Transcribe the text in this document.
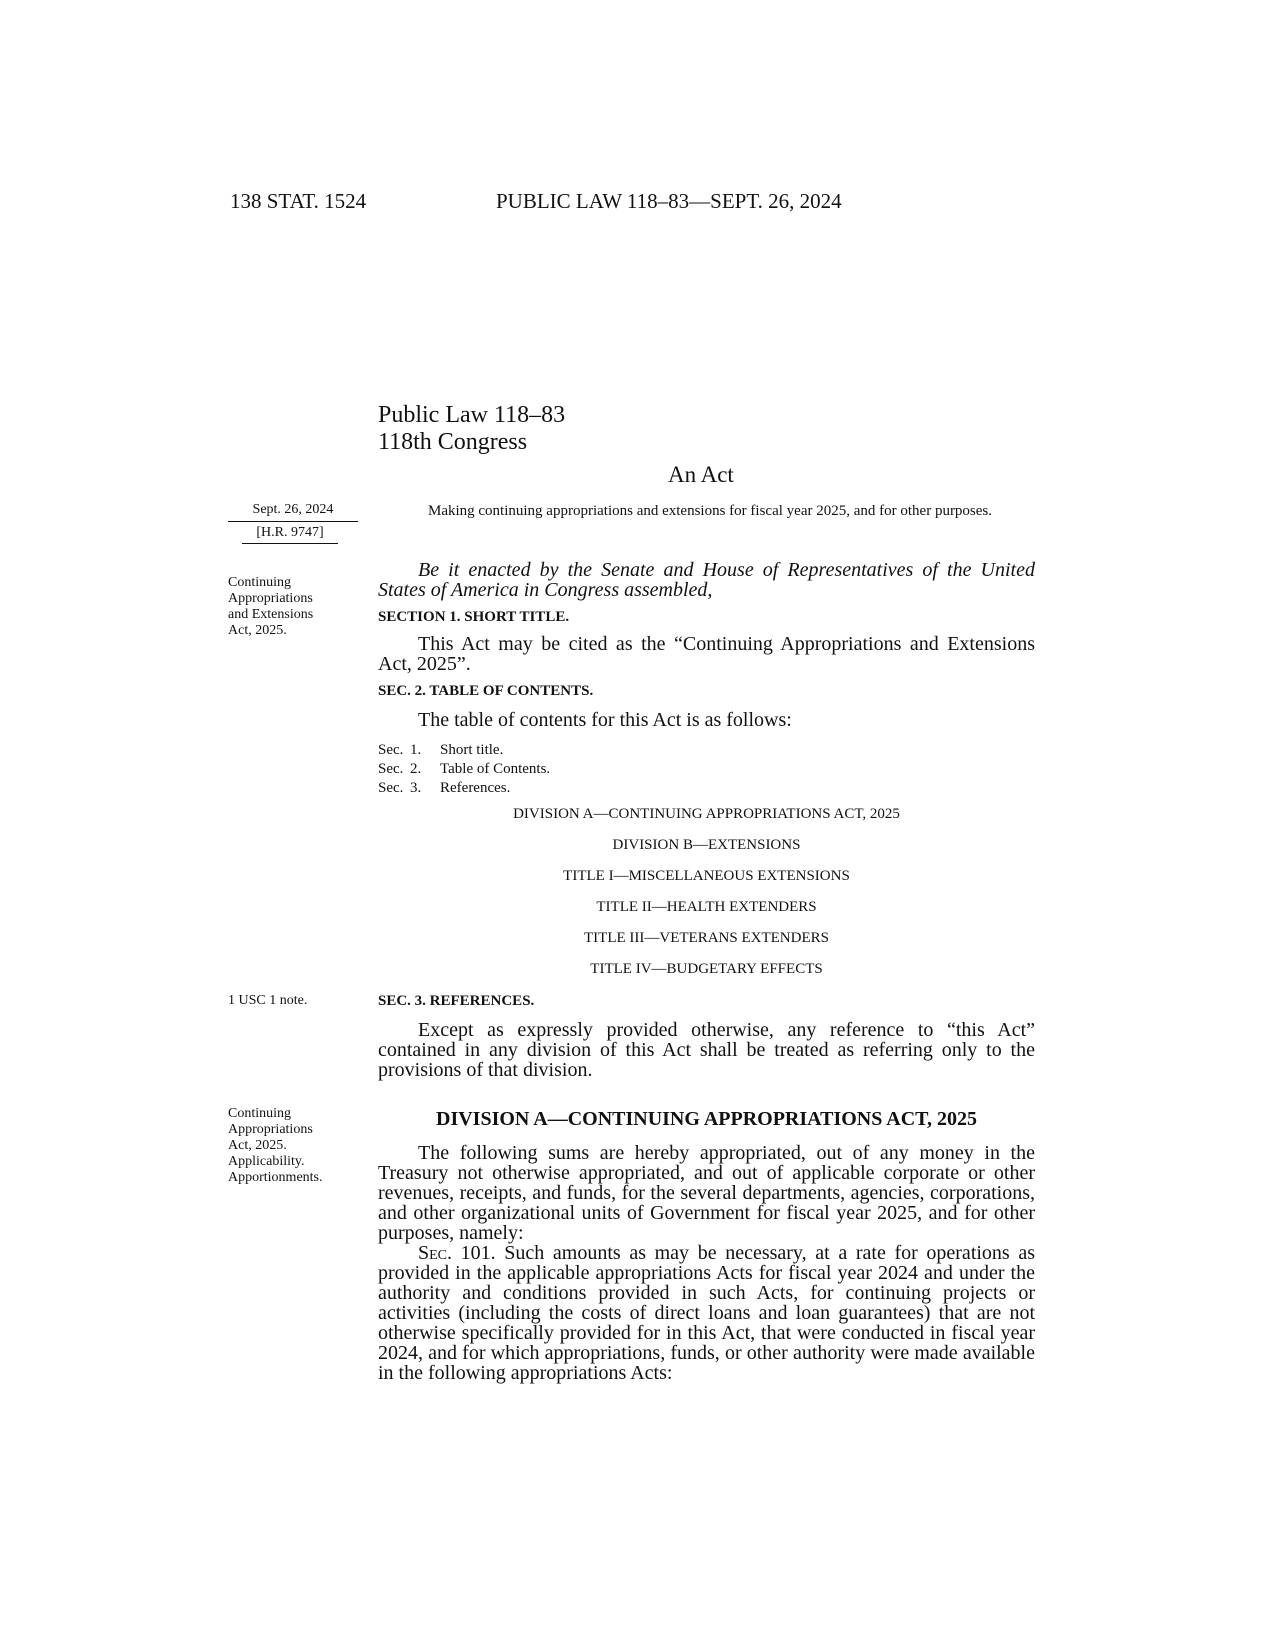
138 STAT. 1524	PUBLIC LAW 118–83—SEPT. 26, 2024
Public Law 118–83
118th Congress
An Act
Sept. 26, 2024
[H.R. 9747]
Making continuing appropriations and extensions for fiscal year 2025, and for other purposes.
Be it enacted by the Senate and House of Representatives of the United States of America in Congress assembled,
Continuing
Appropriations
and Extensions
Act, 2025.
SECTION 1. SHORT TITLE.
This Act may be cited as the “Continuing Appropriations and Extensions Act, 2025”.
SEC. 2. TABLE OF CONTENTS.
The table of contents for this Act is as follows:
Sec. 1. Short title.
Sec. 2. Table of Contents.
Sec. 3. References.
DIVISION A—CONTINUING APPROPRIATIONS ACT, 2025
DIVISION B—EXTENSIONS
TITLE I—MISCELLANEOUS EXTENSIONS
TITLE II—HEALTH EXTENDERS
TITLE III—VETERANS EXTENDERS
TITLE IV—BUDGETARY EFFECTS
1 USC 1 note.	SEC. 3. REFERENCES.
Except as expressly provided otherwise, any reference to “this Act” contained in any division of this Act shall be treated as referring only to the provisions of that division.
Continuing
Appropriations
Act, 2025.
Applicability.
Apportionments.
DIVISION A—CONTINUING APPROPRIATIONS ACT, 2025
The following sums are hereby appropriated, out of any money in the Treasury not otherwise appropriated, and out of applicable corporate or other revenues, receipts, and funds, for the several departments, agencies, corporations, and other organizational units of Government for fiscal year 2025, and for other purposes, namely:
Sec. 101. Such amounts as may be necessary, at a rate for operations as provided in the applicable appropriations Acts for fiscal year 2024 and under the authority and conditions provided in such Acts, for continuing projects or activities (including the costs of direct loans and loan guarantees) that are not otherwise specifically provided for in this Act, that were conducted in fiscal year 2024, and for which appropriations, funds, or other authority were made available in the following appropriations Acts:
